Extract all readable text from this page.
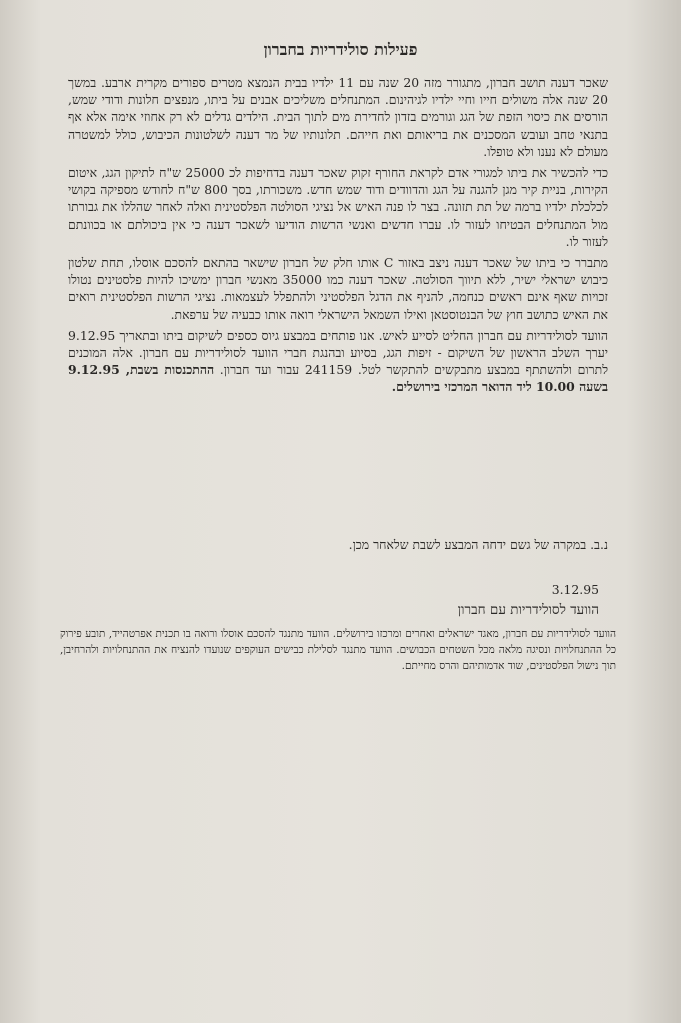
פעילות סולידריות בחברון

שאכר דענה תושב חברון, מתגורר מזה 20 שנה עם 11 ילדיו בבית הנמצא מטרים ספורים מקרית ארבע. במשך 20 שנה אלה משולים חייו וחיי ילדיו לגיהינום. המתנחלים משליכים אבנים על ביתו, מנפצים חלונות ודודי שמש, הורסים את כיסוי הזפת של הגג וגורמים בזדון לחדירת מים לתוך הבית. הילדים גדלים לא רק אחוזי אימה אלא אף בתנאי טחב ועובש המסכנים את בריאותם ואת חייהם. תלונותיו של מר דענה לשלטונות הכיבוש, כולל למשטרה מעולם לא נענו ולא טופלו.

כדי להכשיר את ביתו למגורי אדם לקראת החורף זקוק שאכר דענה בדחיפות לכ 25000 ש"ח לתיקון הגג, איטום הקירות, בניית קיר מגן להגנה על הגג והדוודים ודוד שמש חדש. משכורתו, בסך 800 ש"ח לחודש מספיקה בקושי לכלכלת ילדיו ברמה של תת תזונה. בצר לו פנה האיש אל נציגי הסולטה הפלסטינית ואלה לאחר שהללו את גבורתו מול המתנחלים הבטיחו לעזור לו. עברו חדשים ואנשי הרשות הודיעו לשאכר דענה כי אין ביכולתם או בכוונתם לעזור לו.

מתברר כי ביתו של שאכר דענה ניצב באזור C אותו חלק של חברון שישאר בהתאם להסכם אוסלו, תחת שלטון כיבוש ישראלי ישיר, ללא תיווך הסולטה. שאכר דענה כמו 35000 מאנשי חברון ימשיכו להיות פלסטינים נטולו זכויות שאף אינם ראשים כנחמה, להניף את הדגל הפלסטיני ולהתפלל לעצמאות. נציגי הרשות הפלסטינית רואים את האיש כתושב חוץ של הבנטוסטאן ואילו השמאל הישראלי רואה אותו כבעיה של ערפאת.

הוועד לסולידריות עם חברון החליט לסייע לאיש. אנו פותחים במבצע גיוס כספים לשיקום ביתו ובתאריך 9.12.95 יערך השלב הראשון של השיקום - זיפות הגג, בסיוע ובהנגת חברי הוועד לסולידריות עם חברון. אלה המוכנים לתרום ולהשתתף במבצע מתבקשים להתקשר לטל. 241159 עבור ועד חברון. ההתכנסות בשבת, 9.12.95 בשעה 10.00 ליד הדואר המרכזי בירושלים.

נ.ב. במקרה של גשם ידחה המבצע לשבת שלאחר מכן.
3.12.95
הוועד לסולידריות עם חברון
הוועד לסולידריות עם חברון, מאגד ישראלים ואחרים ומרכזו בירושלים. הוועד מתנגד להסכם אוסלו ורואה בו תכנית אפרטהייד, תובע פירוק כל ההתנחלויות ונסיגה מלאה מכל השטחים הכבושים. הוועד מתנגד לסלילת כבישים העוקפים שנועדו להנציח את ההתנחלויות ולהרחיבן, תוך נישול הפלסטינים, שוד אדמותיהם והרס מחייתם.
